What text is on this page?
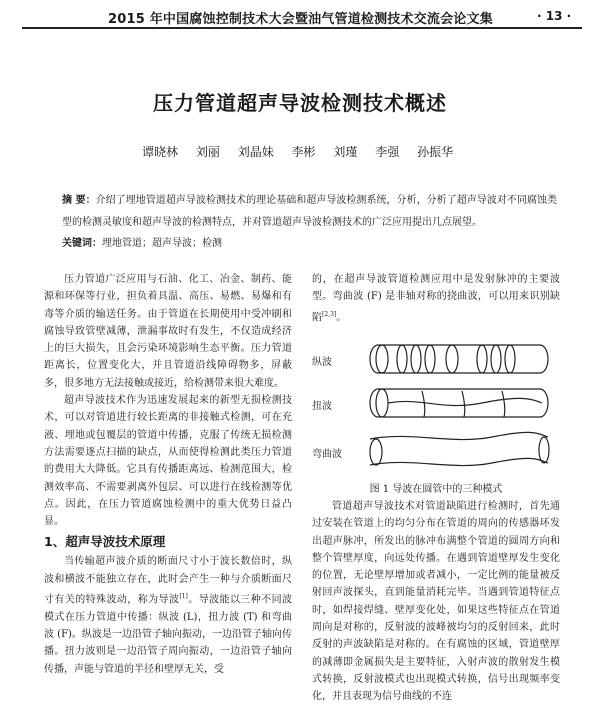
2015 年中国腐蚀控制技术大会暨油气管道检测技术交流会论文集	· 13 ·
压力管道超声导波检测技术概述
谭晓林 刘丽 刘晶妹 李彬 刘瑾 李强 孙振华
摘 要：介绍了埋地管道超声导波检测技术的理论基础和超声导波检测系统，分析，分析了超声导波对不同腐蚀类型的检测灵敏度和超声导波的检测特点，并对管道超声导波检测技术的广泛应用提出几点展望。
关键词：埋地管道；超声导波；检测

压力管道广泛应用与石油、化工、冶金、制药、能源和环保等行业，担负着具温、高压、易燃、易爆和有毒等介质的输送任务。由于管道在长期使用中受冲刷和腐蚀导致管壁减薄，泄漏事故时有发生，不仅造成经济上的巨大损失，且会污染环境影响生态平衡。压力管道距离长，位置变化大，并且管道沿线障碍物多，屏蔽多，很多地方无法接触或接近，给检测带来很大难度。

超声导波技术作为迅速发展起来的新型无损检测技术，可以对管道进行较长距离的非接触式检测，可在充液、埋地或包覆层的管道中传播，克服了传统无损检测方法需要逐点扫描的缺点，从而使得检测此类压力管道的费用大大降低。它具有传播距离远、检测范围大，检测效率高、不需要剥离外包层、可以进行在线检测等优点。因此，在压力管道腐蚀检测中的重大优势日益凸显。

1、超声导波技术原理

当传输超声波介质的断面尺寸小于波长数倍时，纵波和横波不能独立存在，此时会产生一种与介质断面尺寸有关的特殊波动，称为导波[1]。导波能以三种不同波模式在压力管道中传播：纵波 (L)，扭力波 (T) 和弯曲波 (F)。纵波是一边沿管子轴向振动，一边沿管子轴向传播。扭力波则是一边沿管子周向振动，一边沿管子轴向传播，声能与管道的半径和壁厚无关，受

的，在超声导波管道检测应用中是发射脉冲的主要波型。弯曲波 (F) 是非轴对称的挠曲波，可以用来识别缺陷[2,3]。

纵波
扭波
弯曲波
图 1 导波在圆管中的三种模式

管道超声导波技术对管道缺陷进行检测时，首先通过安装在管道上的均匀分布在管道的周向的传感器环发出超声脉冲，所发出的脉冲布满整个管道的圆周方向和整个管壁厚度，向远处传播。在遇到管道壁厚发生变化的位置，无论壁厚增加或者减小，一定比例的能量被反射回声波探头，直到能量消耗完毕。当遇到管道特征点时，如焊接焊缝、壁厚变化处，如果这些特征点在管道周向是对称的，反射波的波峰被均匀的反射回来，此时反射的声波缺陷是对称的。在有腐蚀的区域，管道壁厚的减薄即金属损失是主要特征，入射声波的散射发生模式转换，反射波模式也出现模式转换，信号出现频率变化，并且表现为信号曲线的不连
